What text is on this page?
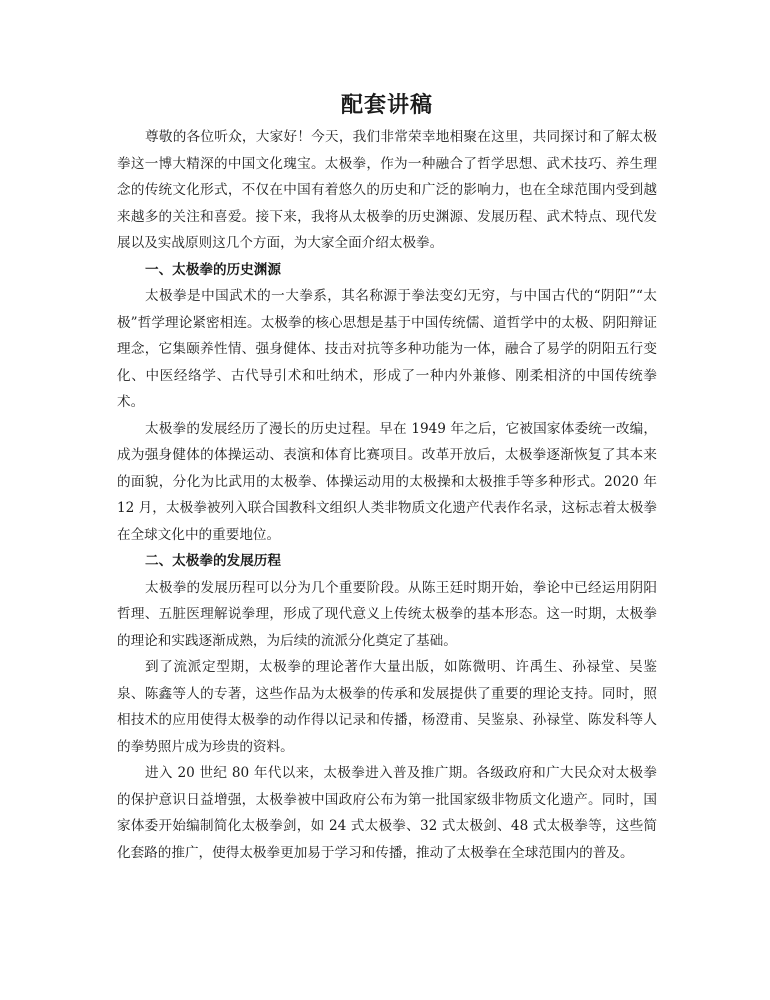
配套讲稿

尊敬的各位听众，大家好！今天，我们非常荣幸地相聚在这里，共同探讨和了解太极拳这一博大精深的中国文化瑰宝。太极拳，作为一种融合了哲学思想、武术技巧、养生理念的传统文化形式，不仅在中国有着悠久的历史和广泛的影响力，也在全球范围内受到越来越多的关注和喜爱。接下来，我将从太极拳的历史渊源、发展历程、武术特点、现代发展以及实战原则这几个方面，为大家全面介绍太极拳。

一、太极拳的历史渊源

太极拳是中国武术的一大拳系，其名称源于拳法变幻无穷，与中国古代的“阴阳”“太极”哲学理论紧密相连。太极拳的核心思想是基于中国传统儒、道哲学中的太极、阴阳辩证理念，它集颐养性情、强身健体、技击对抗等多种功能为一体，融合了易学的阴阳五行变化、中医经络学、古代导引术和吐纳术，形成了一种内外兼修、刚柔相济的中国传统拳术。

太极拳的发展经历了漫长的历史过程。早在 1949 年之后，它被国家体委统一改编，成为强身健体的体操运动、表演和体育比赛项目。改革开放后，太极拳逐渐恢复了其本来的面貌，分化为比武用的太极拳、体操运动用的太极操和太极推手等多种形式。2020 年 12 月，太极拳被列入联合国教科文组织人类非物质文化遗产代表作名录，这标志着太极拳在全球文化中的重要地位。

二、太极拳的发展历程

太极拳的发展历程可以分为几个重要阶段。从陈王廷时期开始，拳论中已经运用阴阳哲理、五脏医理解说拳理，形成了现代意义上传统太极拳的基本形态。这一时期，太极拳的理论和实践逐渐成熟，为后续的流派分化奠定了基础。

到了流派定型期，太极拳的理论著作大量出版，如陈微明、许禹生、孙禄堂、吴鉴泉、陈鑫等人的专著，这些作品为太极拳的传承和发展提供了重要的理论支持。同时，照相技术的应用使得太极拳的动作得以记录和传播，杨澄甫、吴鉴泉、孙禄堂、陈发科等人的拳势照片成为珍贵的资料。

进入 20 世纪 80 年代以来，太极拳进入普及推广期。各级政府和广大民众对太极拳的保护意识日益增强，太极拳被中国政府公布为第一批国家级非物质文化遗产。同时，国家体委开始编制简化太极拳剑，如 24 式太极拳、32 式太极剑、48 式太极拳等，这些简化套路的推广，使得太极拳更加易于学习和传播，推动了太极拳在全球范围内的普及。
